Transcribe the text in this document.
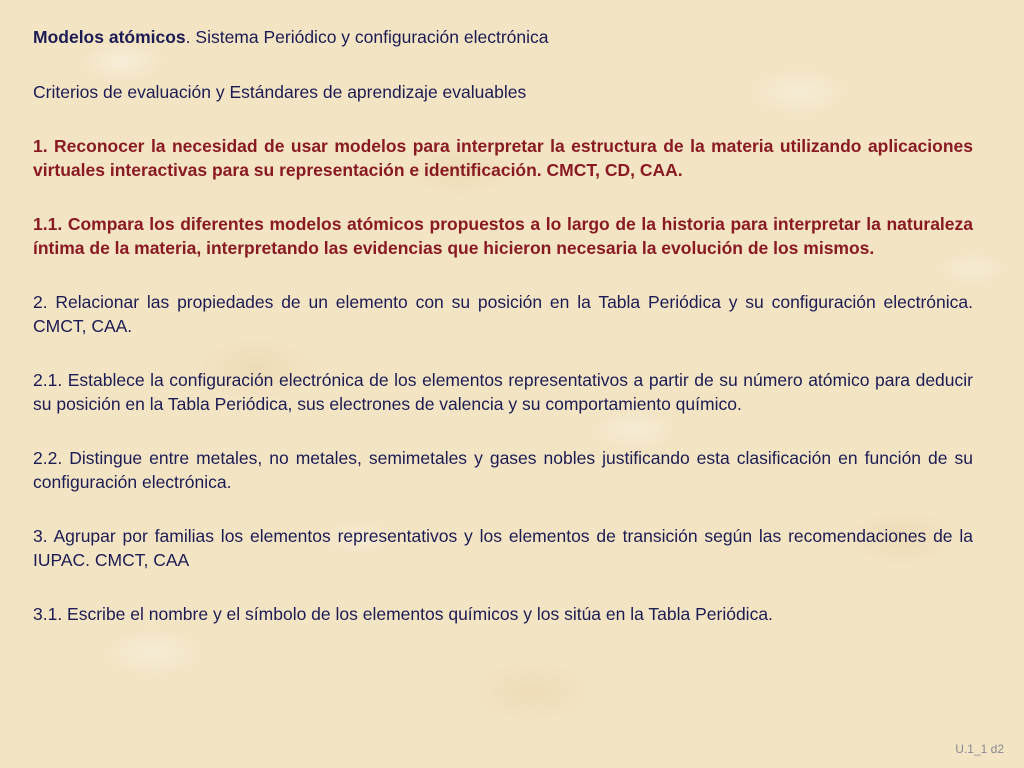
Modelos atómicos. Sistema Periódico y configuración electrónica
Criterios de evaluación y Estándares de aprendizaje evaluables
1. Reconocer la necesidad de usar modelos para interpretar la estructura de la materia utilizando aplicaciones virtuales interactivas para su representación e identificación. CMCT, CD, CAA.
1.1. Compara los diferentes modelos atómicos propuestos a lo largo de la historia para interpretar la naturaleza íntima de la materia, interpretando las evidencias que hicieron necesaria la evolución de los mismos.
2. Relacionar las propiedades de un elemento con su posición en la Tabla Periódica y su configuración electrónica. CMCT, CAA.
2.1. Establece la configuración electrónica de los elementos representativos a partir de su número atómico para deducir su posición en la Tabla Periódica, sus electrones de valencia y su comportamiento químico.
2.2. Distingue entre metales, no metales, semimetales y gases nobles justificando esta clasificación en función de su configuración electrónica.
3. Agrupar por familias los elementos representativos y los elementos de transición según las recomendaciones de la IUPAC. CMCT, CAA
3.1. Escribe el nombre y el símbolo de los elementos químicos y los sitúa en la Tabla Periódica.
U.1_1 d2
